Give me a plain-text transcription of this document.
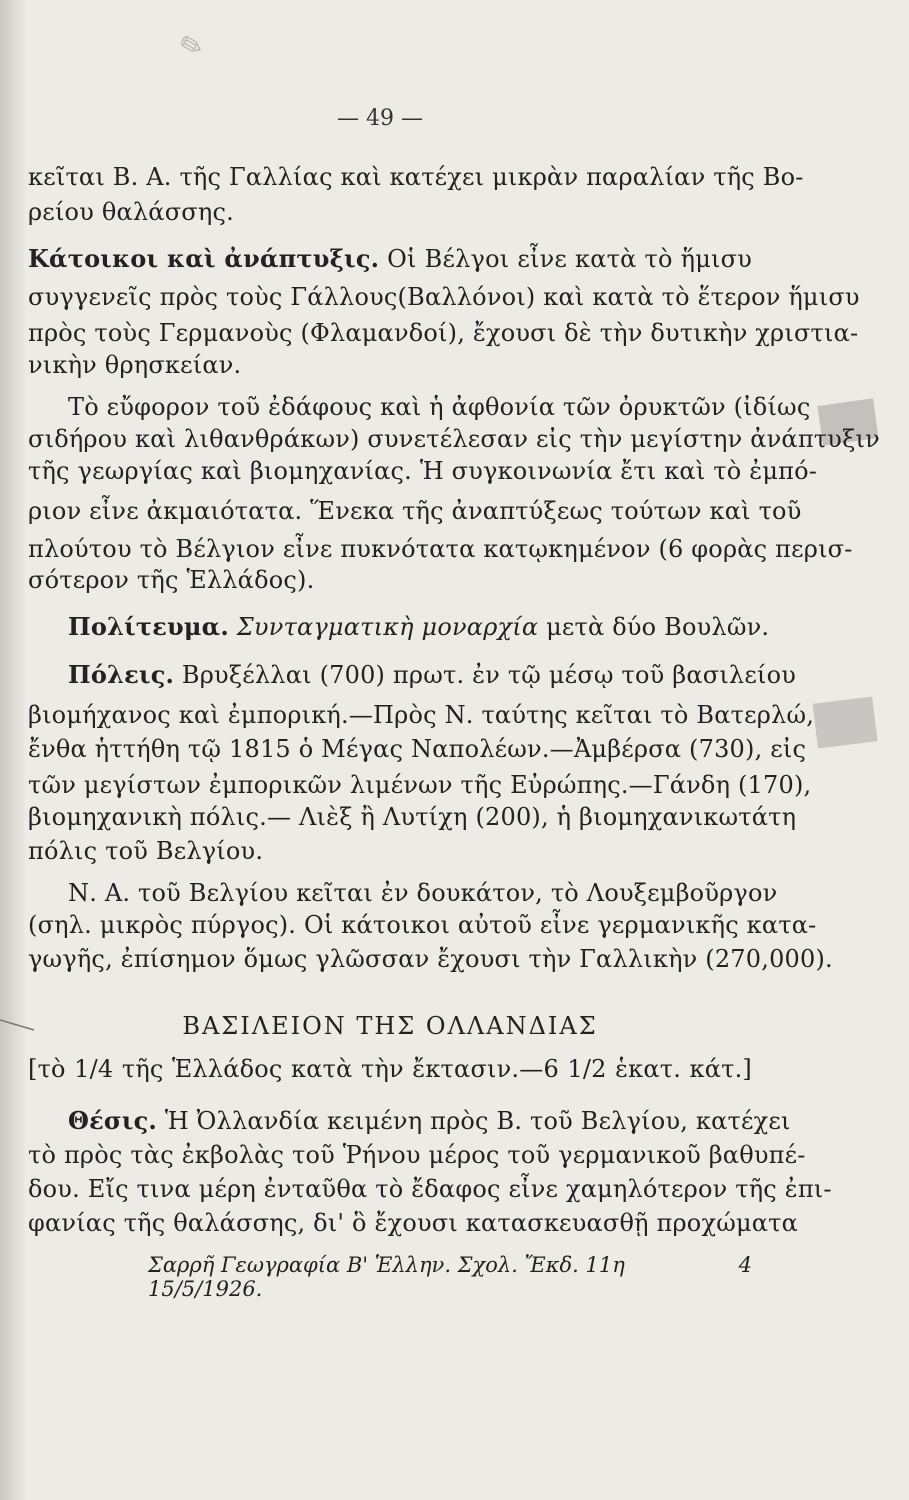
✎
— 49 —
κεῖται Β. Α. τῆς Γαλλίας καὶ κατέχει μικρὰν παραλίαν τῆς Βο-
ρείου θαλάσσης.
Κάτοικοι καὶ ἀνάπτυξις. Οἱ Βέλγοι εἶνε κατὰ τὸ ἥμισυ
συγγενεῖς πρὸς τοὺς Γάλλους(Βαλλόνοι) καὶ κατὰ τὸ ἕτερον ἥμισυ
πρὸς τοὺς Γερμανοὺς (Φλαμανδοί), ἔχουσι δὲ τὴν δυτικὴν χριστια-
νικὴν θρησκείαν.
Τὸ εὔφορον τοῦ ἐδάφους καὶ ἡ ἀφθονία τῶν ὀρυκτῶν (ἰδίως
σιδήρου καὶ λιθανθράκων) συνετέλεσαν εἰς τὴν μεγίστην ἀνάπτυξιν
τῆς γεωργίας καὶ βιομηχανίας. Ἡ συγκοινωνία ἔτι καὶ τὸ ἐμπό-
ριον εἶνε ἀκμαιότατα. Ἕνεκα τῆς ἀναπτύξεως τούτων καὶ τοῦ
πλούτου τὸ Βέλγιον εἶνε πυκνότατα κατῳκημένον (6 φορὰς περισ-
σότερον τῆς Ἑλλάδος).
Πολίτευμα. Συνταγματικὴ μοναρχία μετὰ δύο Βουλῶν.
Πόλεις. Βρυξέλλαι (700) πρωτ. ἐν τῷ μέσῳ τοῦ βασιλείου
βιομήχανος καὶ ἐμπορική.—Πρὸς Ν. ταύτης κεῖται τὸ Βατερλώ,
ἔνθα ἡττήθη τῷ 1815 ὁ Μέγας Ναπολέων.—Ἀμβέρσα (730), εἰς
τῶν μεγίστων ἐμπορικῶν λιμένων τῆς Εὐρώπης.—Γάνδη (170),
βιομηχανικὴ πόλις.— Λιὲξ ἢ Λυτίχη (200), ἡ βιομηχανικωτάτη
πόλις τοῦ Βελγίου.
Ν. Α. τοῦ Βελγίου κεῖται ἐν δουκάτον, τὸ Λουξεμβοῦργον
(σηλ. μικρὸς πύργος). Οἱ κάτοικοι αὐτοῦ εἶνε γερμανικῆς κατα-
γωγῆς, ἐπίσημον ὅμως γλῶσσαν ἔχουσι τὴν Γαλλικὴν (270,000).
ΒΑΣΙΛΕΙΟΝ ΤΗΣ ΟΛΛΑΝΔΙΑΣ
[τὸ 1/4 τῆς Ἑλλάδος κατὰ τὴν ἔκτασιν.—6 1/2 ἑκατ. κάτ.]
Θέσις. Ἡ Ὀλλανδία κειμένη πρὸς Β. τοῦ Βελγίου, κατέχει
τὸ πρὸς τὰς ἐκβολὰς τοῦ Ῥήνου μέρος τοῦ γερμανικοῦ βαθυπέ-
δου. Εἴς τινα μέρη ἐνταῦθα τὸ ἔδαφος εἶνε χαμηλότερον τῆς ἐπι-
φανίας τῆς θαλάσσης, δι' ὃ ἔχουσι κατασκευασθῇ προχώματα
Σαρρῆ Γεωγραφία Β' Ἑλλην. Σχολ. Ἔκδ. 11η 15/5/1926.
4
